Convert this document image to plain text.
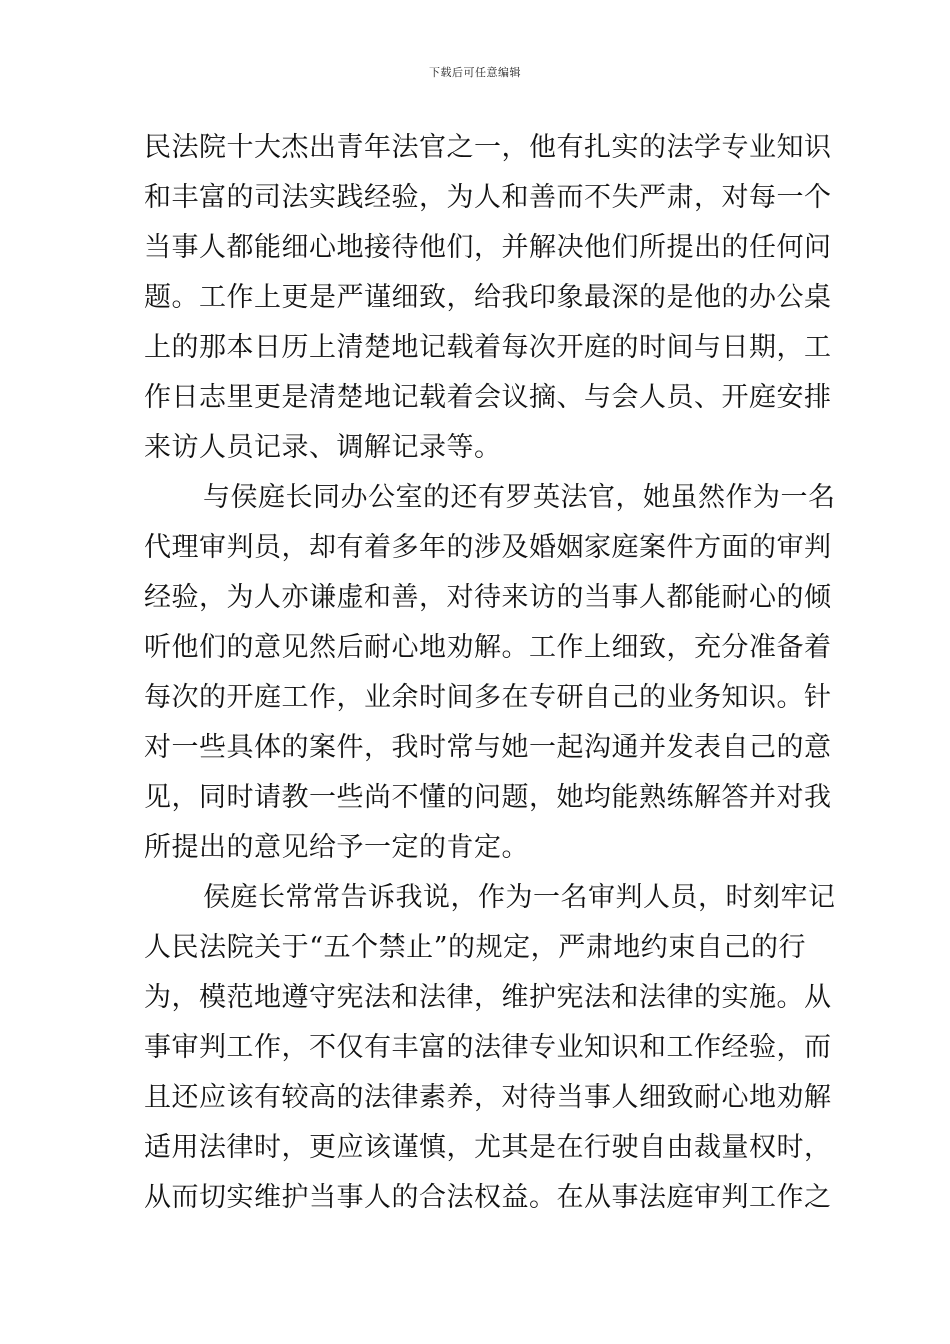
下载后可任意编辑
民法院十大杰出青年法官之一，他有扎实的法学专业知识
和丰富的司法实践经验，为人和善而不失严肃，对每一个
当事人都能细心地接待他们，并解决他们所提出的任何问
题。工作上更是严谨细致，给我印象最深的是他的办公桌
上的那本日历上清楚地记载着每次开庭的时间与日期，工
作日志里更是清楚地记载着会议摘、与会人员、开庭安排
来访人员记录、调解记录等。
与侯庭长同办公室的还有罗英法官，她虽然作为一名
代理审判员，却有着多年的涉及婚姻家庭案件方面的审判
经验，为人亦谦虚和善，对待来访的当事人都能耐心的倾
听他们的意见然后耐心地劝解。工作上细致，充分准备着
每次的开庭工作，业余时间多在专研自己的业务知识。针
对一些具体的案件，我时常与她一起沟通并发表自己的意
见，同时请教一些尚不懂的问题，她均能熟练解答并对我
所提出的意见给予一定的肯定。
侯庭长常常告诉我说，作为一名审判人员，时刻牢记
人民法院关于“五个禁止”的规定，严肃地约束自己的行
为，模范地遵守宪法和法律，维护宪法和法律的实施。从
事审判工作，不仅有丰富的法律专业知识和工作经验，而
且还应该有较高的法律素养，对待当事人细致耐心地劝解
适用法律时，更应该谨慎，尤其是在行驶自由裁量权时，
从而切实维护当事人的合法权益。在从事法庭审判工作之
